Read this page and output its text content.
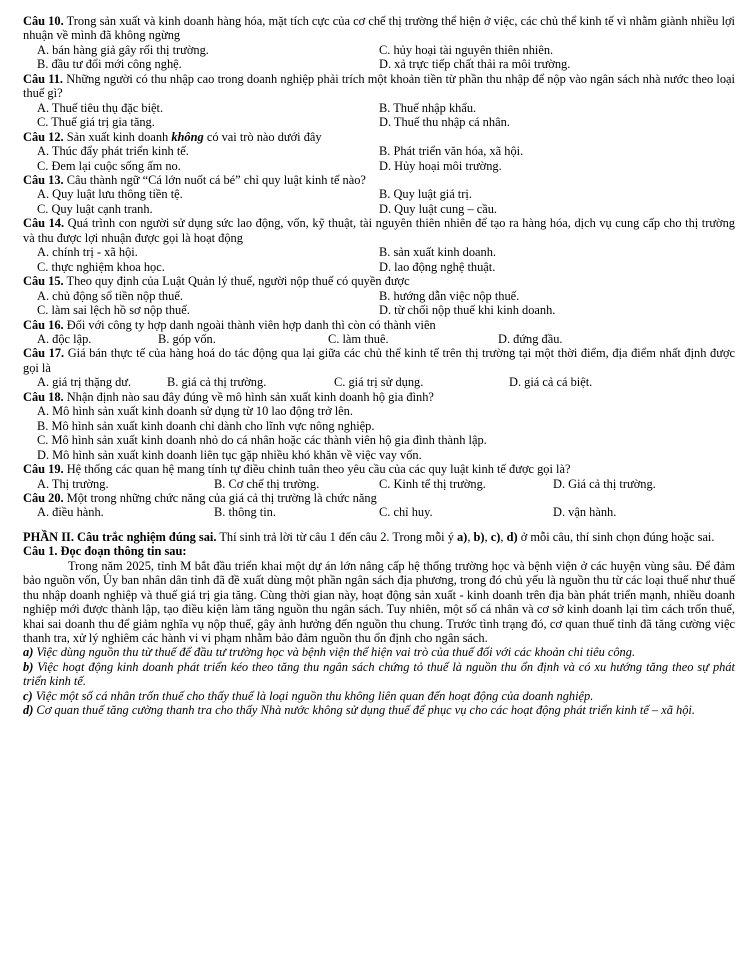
Câu 10. Trong sản xuất và kinh doanh hàng hóa, mặt tích cực của cơ chế thị trường thể hiện ở việc, các chủ thể kinh tế vì nhằm giành nhiều lợi nhuận về mình đã không ngừng
A. bán hàng giả gây rối thị trường.	C. hủy hoại tài nguyên thiên nhiên.
B. đầu tư đổi mới công nghệ.	D. xả trực tiếp chất thải ra môi trường.
Câu 11. Những người có thu nhập cao trong doanh nghiệp phải trích một khoản tiền từ phần thu nhập để nộp vào ngân sách nhà nước theo loại thuế gì?
A. Thuế tiêu thụ đặc biệt.	B. Thuế nhập khẩu.
C. Thuế giá trị gia tăng.	D. Thuế thu nhập cá nhân.
Câu 12. Sản xuất kinh doanh không có vai trò nào dưới đây
A. Thúc đẩy phát triển kinh tế.	B. Phát triển văn hóa, xã hội.
C. Đem lại cuộc sống ấm no.	D. Hủy hoại môi trường.
Câu 13. Câu thành ngữ “Cá lớn nuốt cá bé” chỉ quy luật kinh tế nào?
A. Quy luật lưu thông tiền tệ.	B. Quy luật giá trị.
C. Quy luật cạnh tranh.	D. Quy luật cung – cầu.
Câu 14. Quá trình con người sử dụng sức lao động, vốn, kỹ thuật, tài nguyên thiên nhiên để tạo ra hàng hóa, dịch vụ cung cấp cho thị trường và thu được lợi nhuận được gọi là hoạt động
A. chính trị - xã hội.	B. sản xuất kinh doanh.
C. thực nghiệm khoa học.	D. lao động nghệ thuật.
Câu 15. Theo quy định của Luật Quản lý thuế, người nộp thuế có quyền được
A. chủ động sổ tiền nộp thuế.	B. hướng dẫn việc nộp thuế.
C. làm sai lệch hồ sơ nộp thuế.	D. từ chối nộp thuế khi kinh doanh.
Câu 16. Đối với công ty hợp danh ngoài thành viên hợp danh thì còn có thành viên
A. độc lập.	B. góp vốn.	C. làm thuê.	D. đứng đầu.
Câu 17. Giá bán thực tế của hàng hoá do tác động qua lại giữa các chủ thể kinh tế trên thị trường tại một thời điểm, địa điểm nhất định được gọi là
A. giá trị thặng dư.	B. giá cả thị trường.	C. giá trị sử dụng.	D. giá cả cá biệt.
Câu 18. Nhận định nào sau đây đúng về mô hình sản xuất kinh doanh hộ gia đình?
A. Mô hình sản xuất kinh doanh sử dụng từ 10 lao động trở lên.
B. Mô hình sản xuất kinh doanh chỉ dành cho lĩnh vực nông nghiệp.
C. Mô hình sản xuất kinh doanh nhỏ do cá nhân hoặc các thành viên hộ gia đình thành lập.
D. Mô hình sản xuất kinh doanh liên tục gặp nhiều khó khăn về việc vay vốn.
Câu 19. Hệ thống các quan hệ mang tính tự điều chỉnh tuân theo yêu cầu của các quy luật kinh tế được gọi là?
A. Thị trường.	B. Cơ chế thị trường.	C. Kinh tế thị trường.	D. Giá cả thị trường.
Câu 20. Một trong những chức năng của giá cả thị trường là chức năng
A. điều hành.	B. thông tin.	C. chỉ huy.	D. vận hành.
PHẦN II. Câu trắc nghiệm đúng sai. Thí sinh trả lời từ câu 1 đến câu 2. Trong mỗi ý a), b), c), d) ở mỗi câu, thí sinh chọn đúng hoặc sai.
Câu 1. Đọc đoạn thông tin sau:
Trong năm 2025, tỉnh M bắt đầu triển khai một dự án lớn nâng cấp hệ thống trường học và bệnh viện ở các huyện vùng sâu. Để đảm bảo nguồn vốn, Ủy ban nhân dân tỉnh đã đề xuất dùng một phần ngân sách địa phương, trong đó chủ yếu là nguồn thu từ các loại thuế như thuế thu nhập doanh nghiệp và thuế giá trị gia tăng. Cùng thời gian này, hoạt động sản xuất - kinh doanh trên địa bàn phát triển mạnh, nhiều doanh nghiệp mới được thành lập, tạo điều kiện làm tăng nguồn thu ngân sách. Tuy nhiên, một số cá nhân và cơ sở kinh doanh lại tìm cách trốn thuế, khai sai doanh thu để giảm nghĩa vụ nộp thuế, gây ảnh hưởng đến nguồn thu chung. Trước tình trạng đó, cơ quan thuế tỉnh đã tăng cường việc thanh tra, xử lý nghiêm các hành vi vi phạm nhằm bảo đảm nguồn thu ổn định cho ngân sách.
a) Việc dùng nguồn thu từ thuế để đầu tư trường học và bệnh viện thể hiện vai trò của thuế đối với các khoản chi tiêu công.
b) Việc hoạt động kinh doanh phát triển kéo theo tăng thu ngân sách chứng tỏ thuế là nguồn thu ổn định và có xu hướng tăng theo sự phát triển kinh tế.
c) Việc một số cá nhân trốn thuế cho thấy thuế là loại nguồn thu không liên quan đến hoạt động của doanh nghiệp.
d) Cơ quan thuế tăng cường thanh tra cho thấy Nhà nước không sử dụng thuế để phục vụ cho các hoạt động phát triển kinh tế – xã hội.
